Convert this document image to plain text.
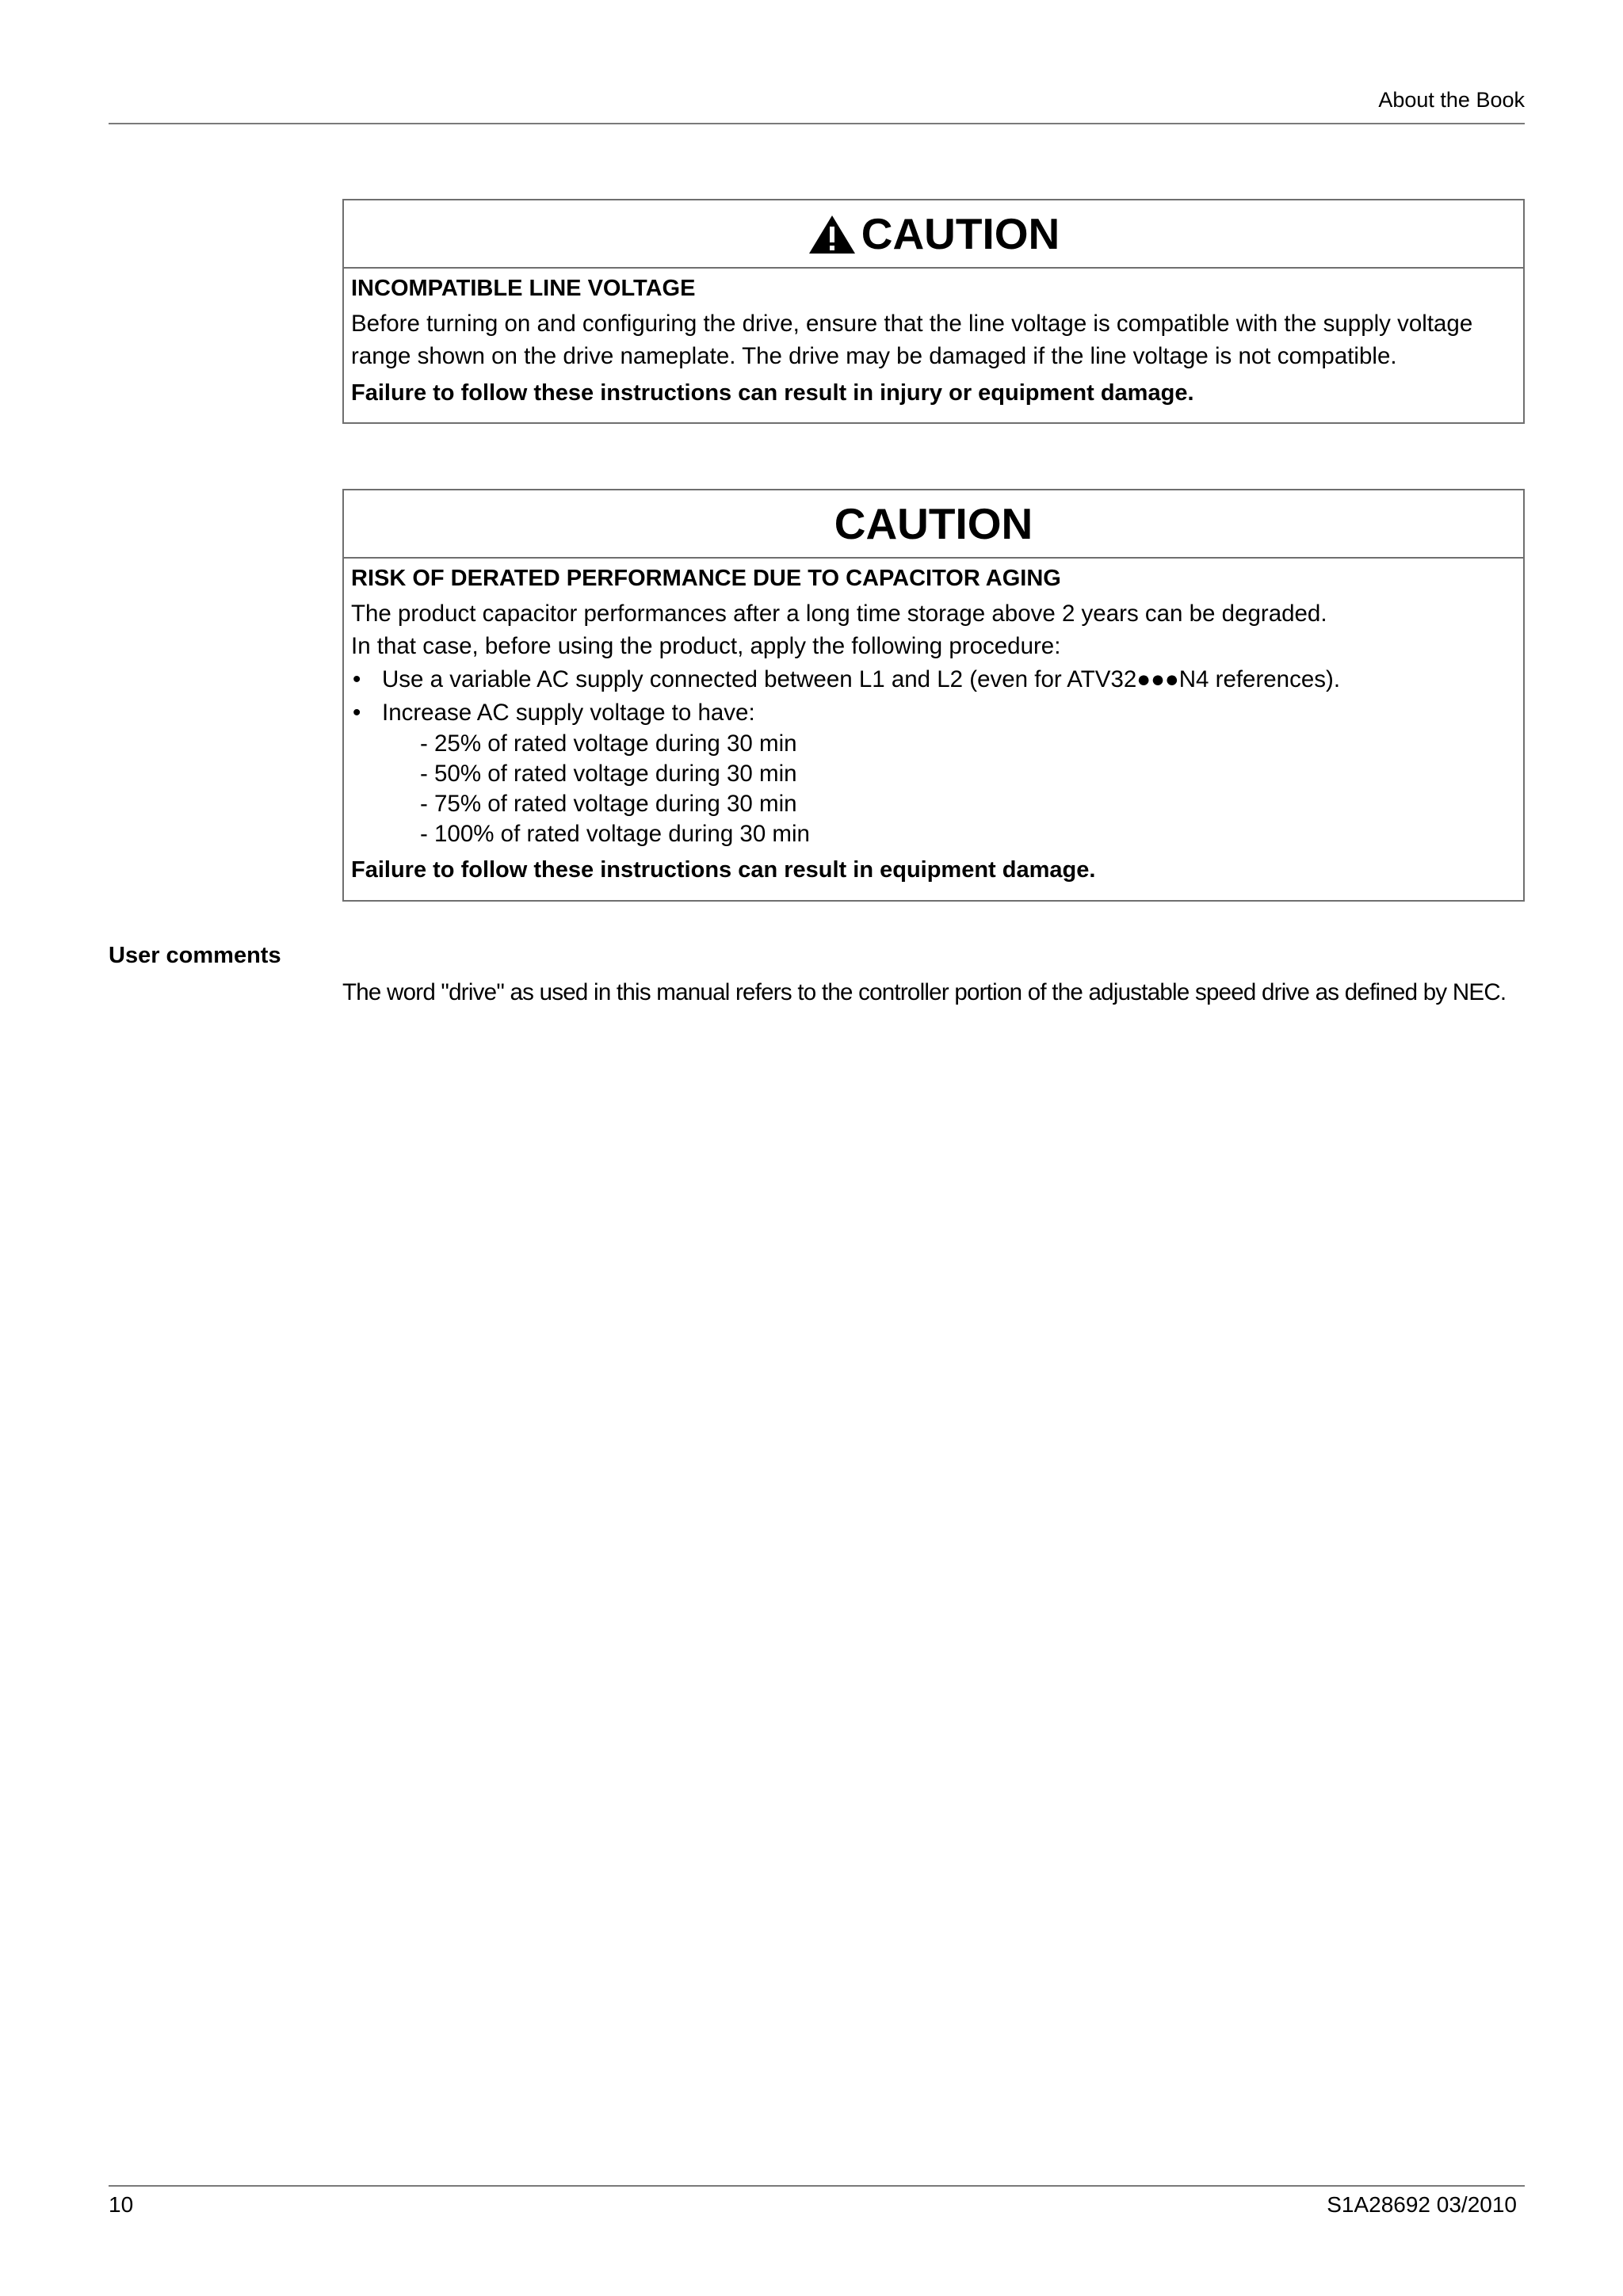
About the Book
CAUTION
INCOMPATIBLE LINE VOLTAGE
Before turning on and configuring the drive, ensure that the line voltage is compatible with the supply voltage
range shown on the drive nameplate. The drive may be damaged if the line voltage is not compatible.
Failure to follow these instructions can result in injury or equipment damage.
CAUTION
RISK OF DERATED PERFORMANCE DUE TO CAPACITOR AGING
The product capacitor performances after a long time storage above 2 years can be degraded.
In that case, before using the product, apply the following procedure:
• Use a variable AC supply connected between L1 and L2 (even for ATV32●●●N4 references).
• Increase AC supply voltage to have:
- 25% of rated voltage during 30 min
- 50% of rated voltage during 30 min
- 75% of rated voltage during 30 min
- 100% of rated voltage during 30 min
Failure to follow these instructions can result in equipment damage.
User comments
The word "drive" as used in this manual refers to the controller portion of the adjustable speed drive as defined by NEC.
10	S1A28692 03/2010
